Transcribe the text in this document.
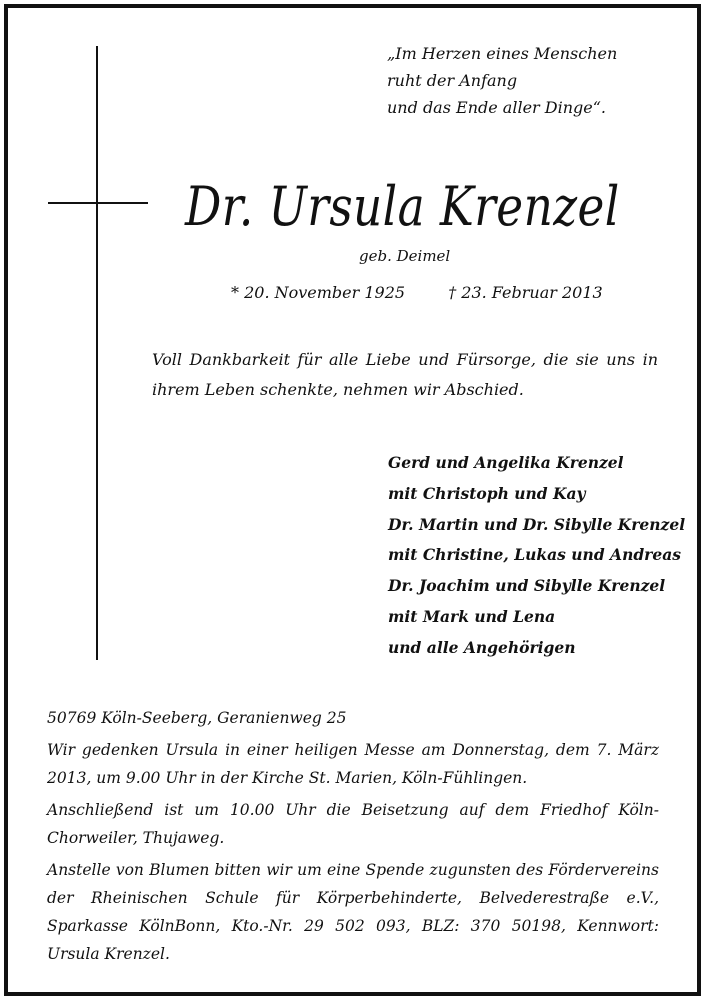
„Im Herzen eines Menschen
ruht der Anfang
und das Ende aller Dinge“.
Dr. Ursula Krenzel
geb. Deimel
* 20. November 1925	† 23. Februar 2013
Voll Dankbarkeit für alle Liebe und Fürsorge, die sie uns in ihrem Leben schenkte, nehmen wir Abschied.
Gerd und Angelika Krenzel
mit Christoph und Kay
Dr. Martin und Dr. Sibylle Krenzel
mit Christine, Lukas und Andreas
Dr. Joachim und Sibylle Krenzel
mit Mark und Lena
und alle Angehörigen

50769 Köln-Seeberg, Geranienweg 25

Wir gedenken Ursula in einer heiligen Messe am Donnerstag, dem 7. März 2013, um 9.00 Uhr in der Kirche St. Marien, Köln-Fühlingen.

Anschließend ist um 10.00 Uhr die Beisetzung auf dem Friedhof Köln-Chorweiler, Thujaweg.

Anstelle von Blumen bitten wir um eine Spende zugunsten des Fördervereins der Rheinischen Schule für Körperbehinderte, Belvederestraße e.V., Sparkasse KölnBonn, Kto.-Nr. 29 502 093, BLZ: 370 50198, Kennwort: Ursula Krenzel.
